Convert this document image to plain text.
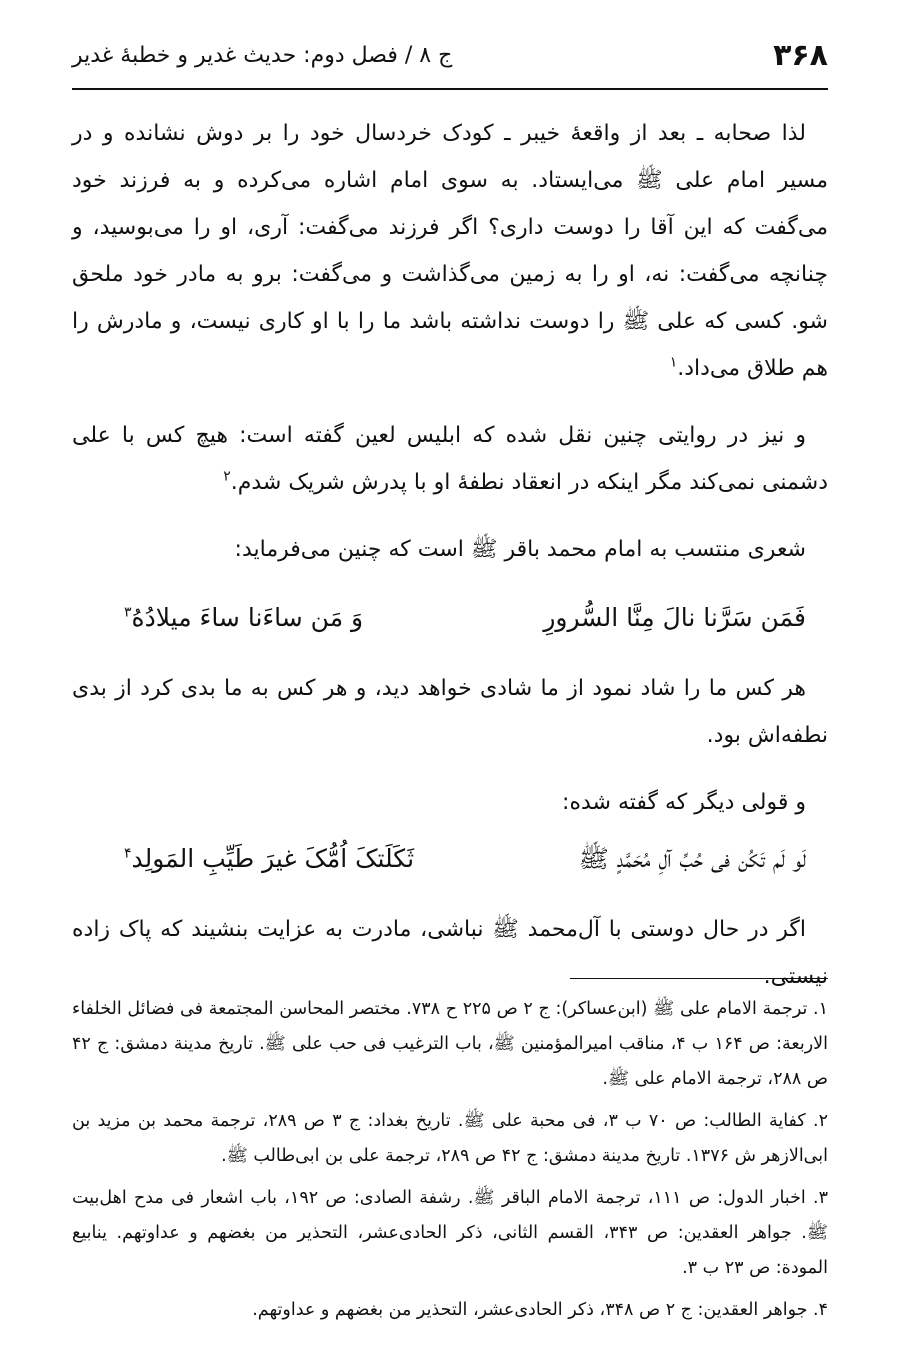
۳۶۸
ج ۸ / فصل دوم: حدیث غدیر و خطبهٔ غدیر

لذا صحابه ـ بعد از واقعهٔ خیبر ـ کودک خردسال خود را بر دوش نشانده و در مسیر امام علی ﷺ می‌ایستاد. به سوی امام اشاره می‌کرده و به فرزند خود می‌گفت که این آقا را دوست داری؟ اگر فرزند می‌گفت: آری، او را می‌بوسید، و چنانچه می‌گفت: نه، او را به زمین می‌گذاشت و می‌گفت: برو به مادر خود ملحق شو. کسی که علی ﷺ را دوست نداشته باشد ما را با او کاری نیست، و مادرش را هم طلاق می‌داد.$^۱$

و نیز در روایتی چنین نقل شده که ابلیس لعین گفته است: هیچ کس با علی دشمنی نمی‌کند مگر اینکه در انعقاد نطفهٔ او با پدرش شریک شدم.$^۲$

شعری منتسب به امام محمد باقر ﷺ است که چنین می‌فرماید:

فَمَن سَرَّنا نالَ مِنَّا السُّرورِ
وَ مَن ساءَنا ساءَ میلادُهُ$^۳$

هر کس ما را شاد نمود از ما شادی خواهد دید، و هر کس به ما بدی کرد از بدی نطفه‌اش بود.

و قولی دیگر که گفته شده:

لَو لَم تَکُن فی حُبِّ آلِ مُحَمَّدٍ ﷺ
ثَکَلَتکَ اُمُّکَ غیرَ طَیِّبِ المَولِد$^۴$

اگر در حال دوستی با آل‌محمد ﷺ نباشی، مادرت به عزایت بنشیند که پاک زاده نیستی.

۱. ترجمة الامام علی ﷺ (ابن‌عساکر): ج ۲ ص ۲۲۵ ح ۷۳۸. مختصر المحاسن المجتمعة فی فضائل الخلفاء الاربعة: ص ۱۶۴ ب ۴، مناقب امیرالمؤمنین ﷺ، باب الترغیب فی حب علی ﷺ. تاریخ مدینة دمشق: ج ۴۲ ص ۲۸۸، ترجمة الامام علی ﷺ.

۲. کفایة الطالب: ص ۷۰ ب ۳، فی محبة علی ﷺ. تاریخ بغداد: ج ۳ ص ۲۸۹، ترجمة محمد بن مزید بن ابی‌الازهر ش ۱۳۷۶. تاریخ مدینة دمشق: ج ۴۲ ص ۲۸۹، ترجمة علی بن ابی‌طالب ﷺ.

۳. اخبار الدول: ص ۱۱۱، ترجمة الامام الباقر ﷺ. رشفة الصادی: ص ۱۹۲، باب اشعار فی مدح اهل‌بیت ﷺ. جواهر العقدین: ص ۳۴۳، القسم الثانی، ذکر الحادی‌عشر، التحذیر من بغضهم و عداوتهم. ینابیع المودة: ص ۲۳ ب ۳.

۴. جواهر العقدین: ج ۲ ص ۳۴۸، ذکر الحادی‌عشر، التحذیر من بغضهم و عداوتهم.
